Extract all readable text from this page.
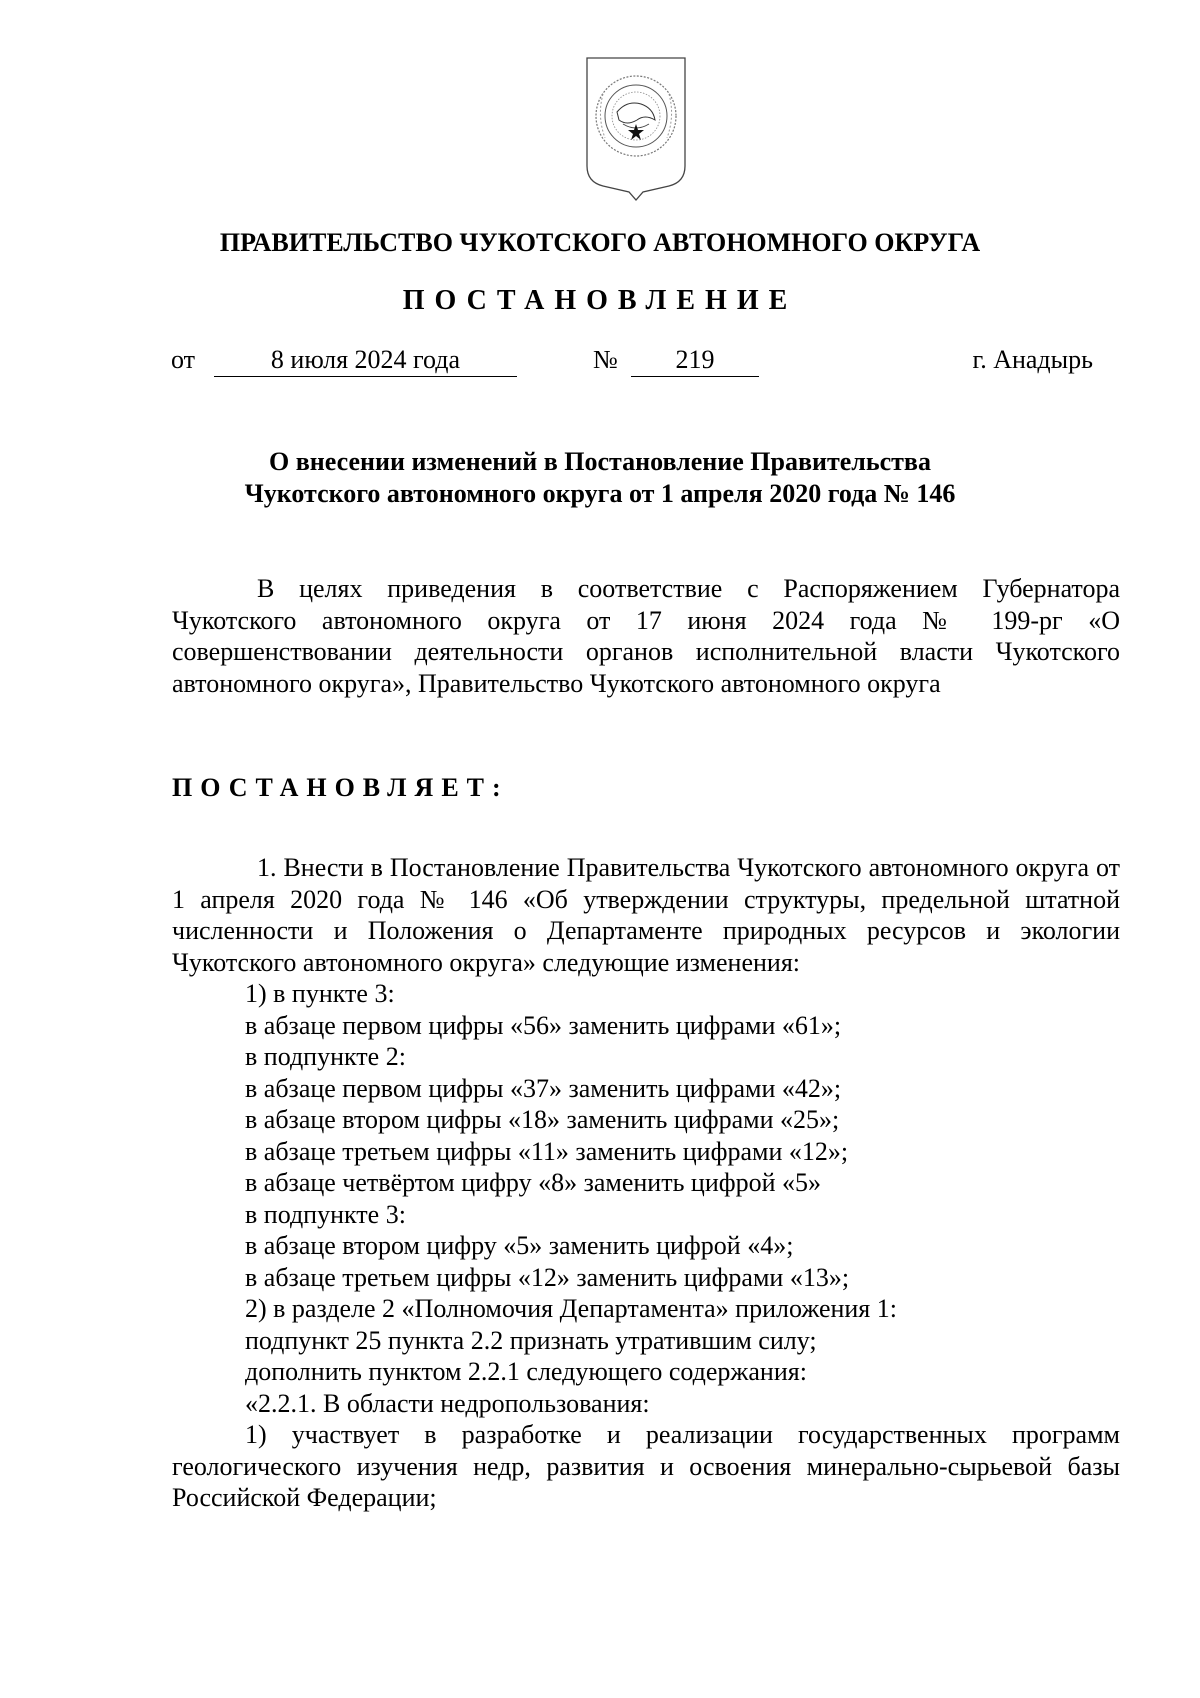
ПРАВИТЕЛЬСТВО ЧУКОТСКОГО АВТОНОМНОГО ОКРУГА
ПОСТАНОВЛЕНИЕ
от	8 июля 2024 года	№	219	г. Анадырь
О внесении изменений в Постановление Правительства
Чукотского автономного округа от 1 апреля 2020 года № 146

В целях приведения в соответствие с Распоряжением Губернатора Чукотского автономного округа от 17 июня 2024 года № 199-рг «О совершенствовании деятельности органов исполнительной власти Чукотского автономного округа», Правительство Чукотского автономного округа

ПОСТАНОВЛЯЕТ:

1. Внести в Постановление Правительства Чукотского автономного округа от 1 апреля 2020 года № 146 «Об утверждении структуры, предельной штатной численности и Положения о Департаменте природных ресурсов и экологии Чукотского автономного округа» следующие изменения:

1) в пункте 3:

в абзаце первом цифры «56» заменить цифрами «61»;

в подпункте 2:

в абзаце первом цифры «37» заменить цифрами «42»;

в абзаце втором цифры «18» заменить цифрами «25»;

в абзаце третьем цифры «11» заменить цифрами «12»;

в абзаце четвёртом цифру «8» заменить цифрой «5»

в подпункте 3:

в абзаце втором цифру «5» заменить цифрой «4»;

в абзаце третьем цифры «12» заменить цифрами «13»;

2) в разделе 2 «Полномочия Департамента» приложения 1:

подпункт 25 пункта 2.2 признать утратившим силу;

дополнить пунктом 2.2.1 следующего содержания:

«2.2.1. В области недропользования:

1) участвует в разработке и реализации государственных программ геологического изучения недр, развития и освоения минерально-сырьевой базы Российской Федерации;
